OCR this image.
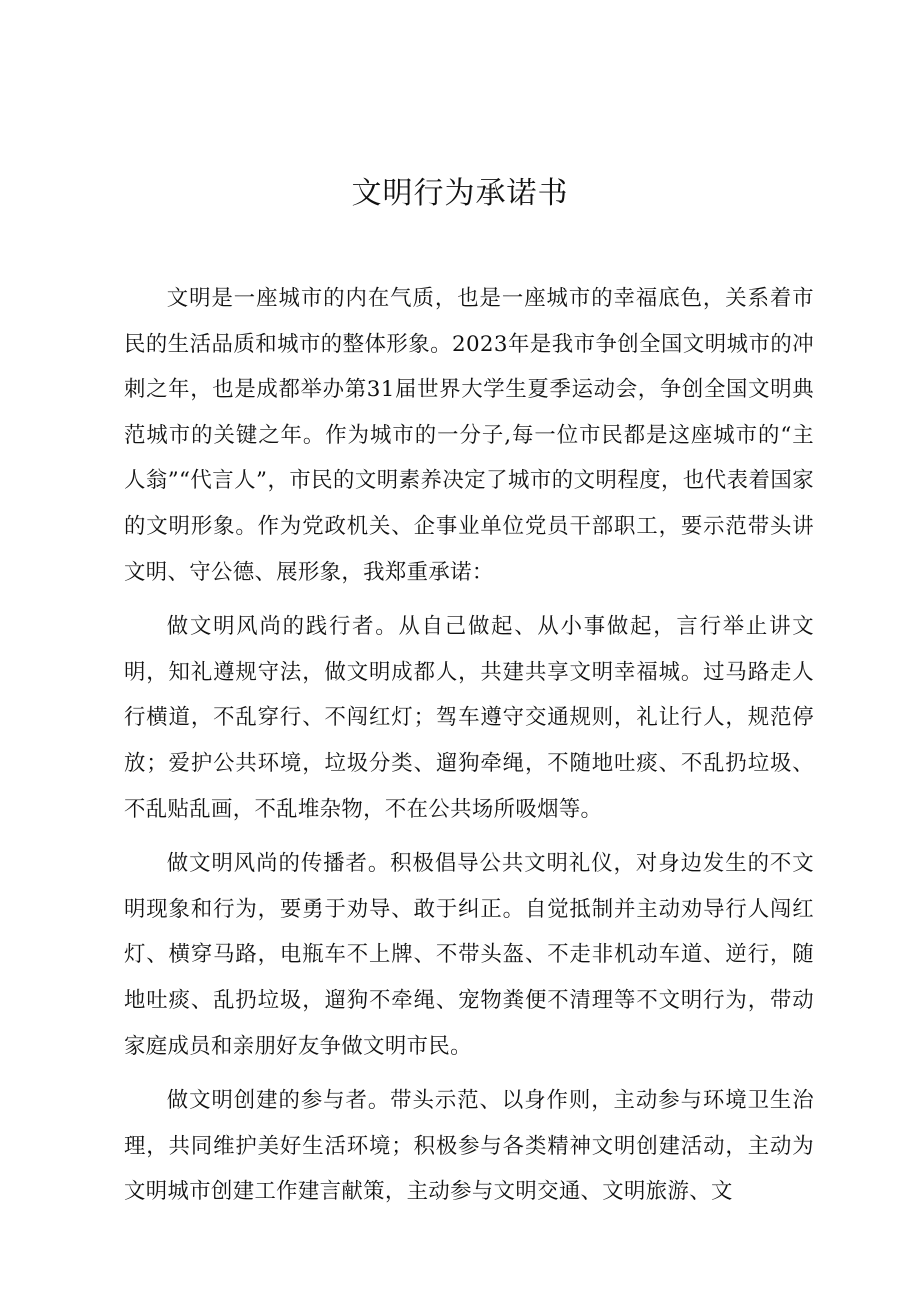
文明行为承诺书

文明是一座城市的内在气质，也是一座城市的幸福底色，关系着市民的生活品质和城市的整体形象。2023年是我市争创全国文明城市的冲刺之年，也是成都举办第31届世界大学生夏季运动会，争创全国文明典范城市的关键之年。作为城市的一分子,每一位市民都是这座城市的“主人翁”“代言人”，市民的文明素养决定了城市的文明程度，也代表着国家的文明形象。作为党政机关、企事业单位党员干部职工，要示范带头讲文明、守公德、展形象，我郑重承诺：

做文明风尚的践行者。从自己做起、从小事做起，言行举止讲文明，知礼遵规守法，做文明成都人，共建共享文明幸福城。过马路走人行横道，不乱穿行、不闯红灯；驾车遵守交通规则，礼让行人，规范停放；爱护公共环境，垃圾分类、遛狗牵绳，不随地吐痰、不乱扔垃圾、不乱贴乱画，不乱堆杂物，不在公共场所吸烟等。

做文明风尚的传播者。积极倡导公共文明礼仪，对身边发生的不文明现象和行为，要勇于劝导、敢于纠正。自觉抵制并主动劝导行人闯红灯、横穿马路，电瓶车不上牌、不带头盔、不走非机动车道、逆行，随地吐痰、乱扔垃圾，遛狗不牵绳、宠物粪便不清理等不文明行为，带动家庭成员和亲朋好友争做文明市民。

做文明创建的参与者。带头示范、以身作则，主动参与环境卫生治理，共同维护美好生活环境；积极参与各类精神文明创建活动，主动为文明城市创建工作建言献策，主动参与文明交通、文明旅游、文
